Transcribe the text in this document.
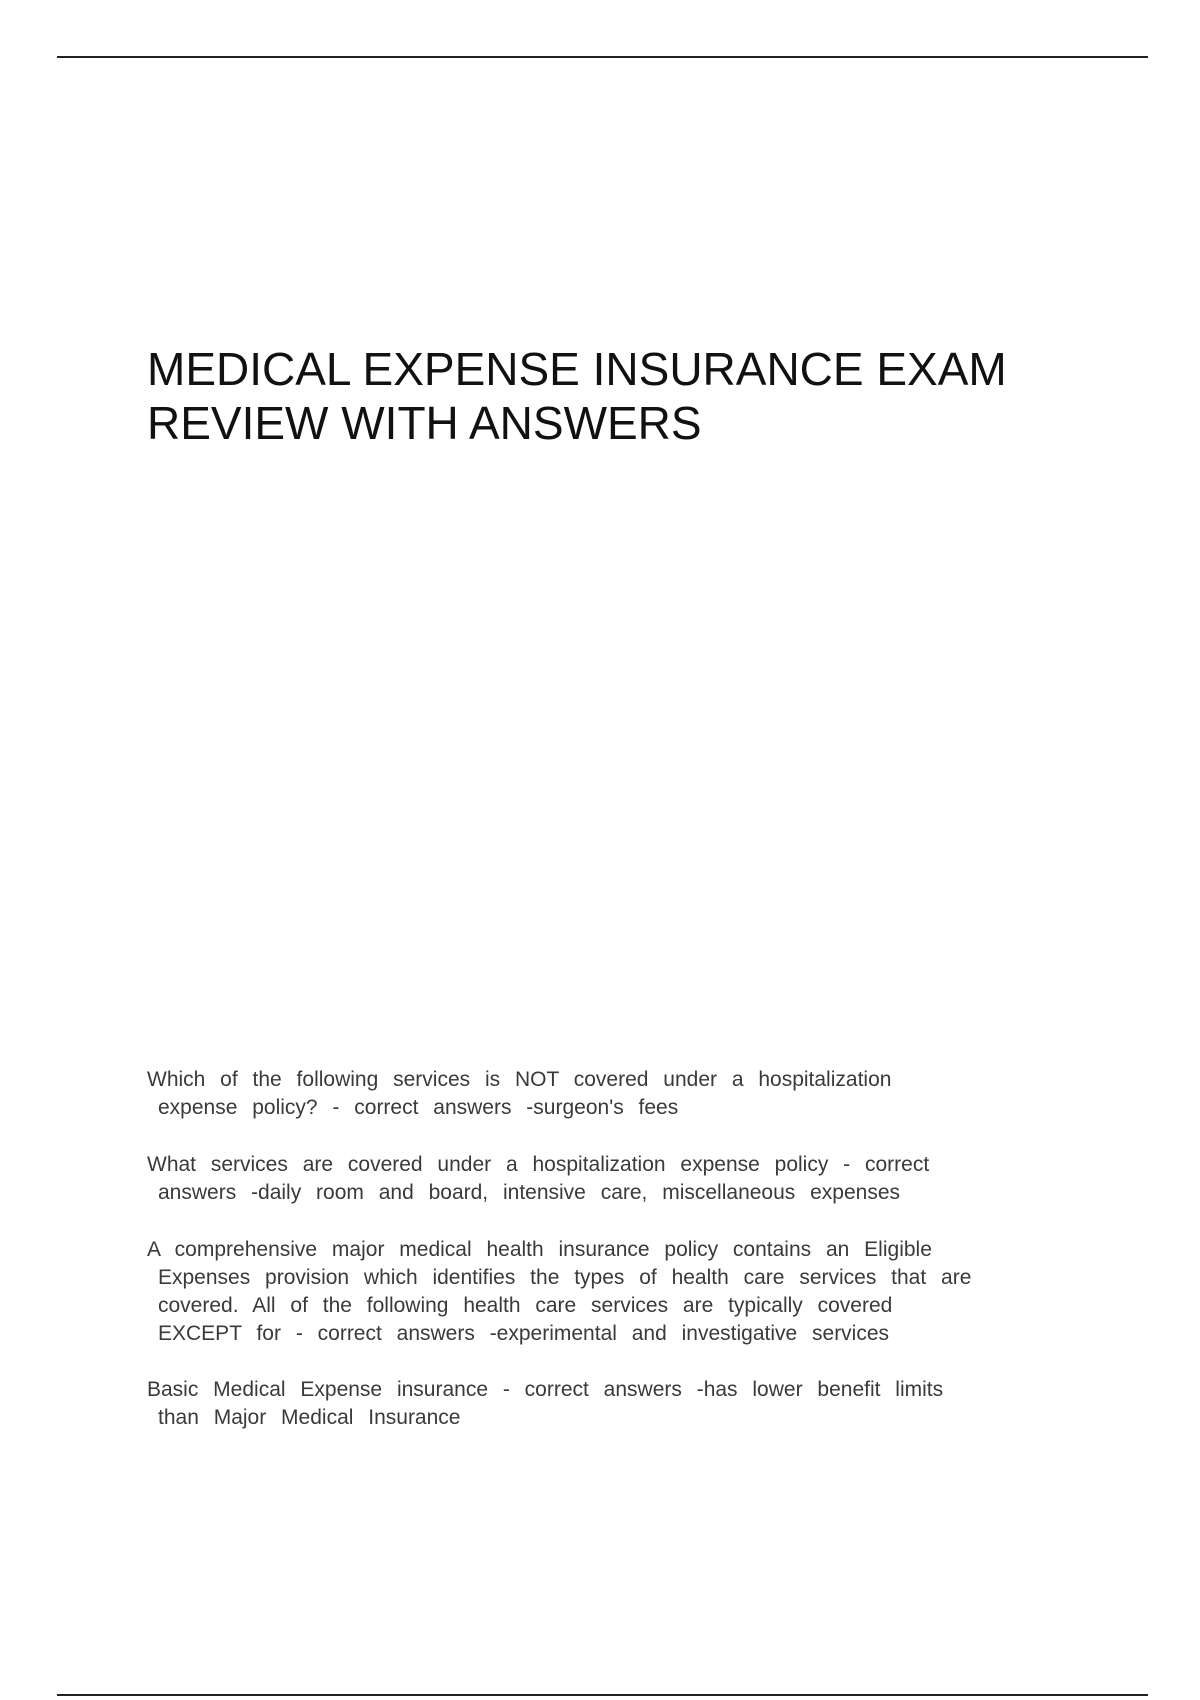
MEDICAL EXPENSE INSURANCE EXAM
REVIEW WITH ANSWERS
Which of the following services is NOT covered under a hospitalization
expense policy? - correct answers -surgeon's fees
What services are covered under a hospitalization expense policy - correct
answers -daily room and board, intensive care, miscellaneous expenses
A comprehensive major medical health insurance policy contains an Eligible
Expenses provision which identifies the types of health care services that are
covered. All of the following health care services are typically covered
EXCEPT for - correct answers -experimental and investigative services
Basic Medical Expense insurance - correct answers -has lower benefit limits
than Major Medical Insurance
